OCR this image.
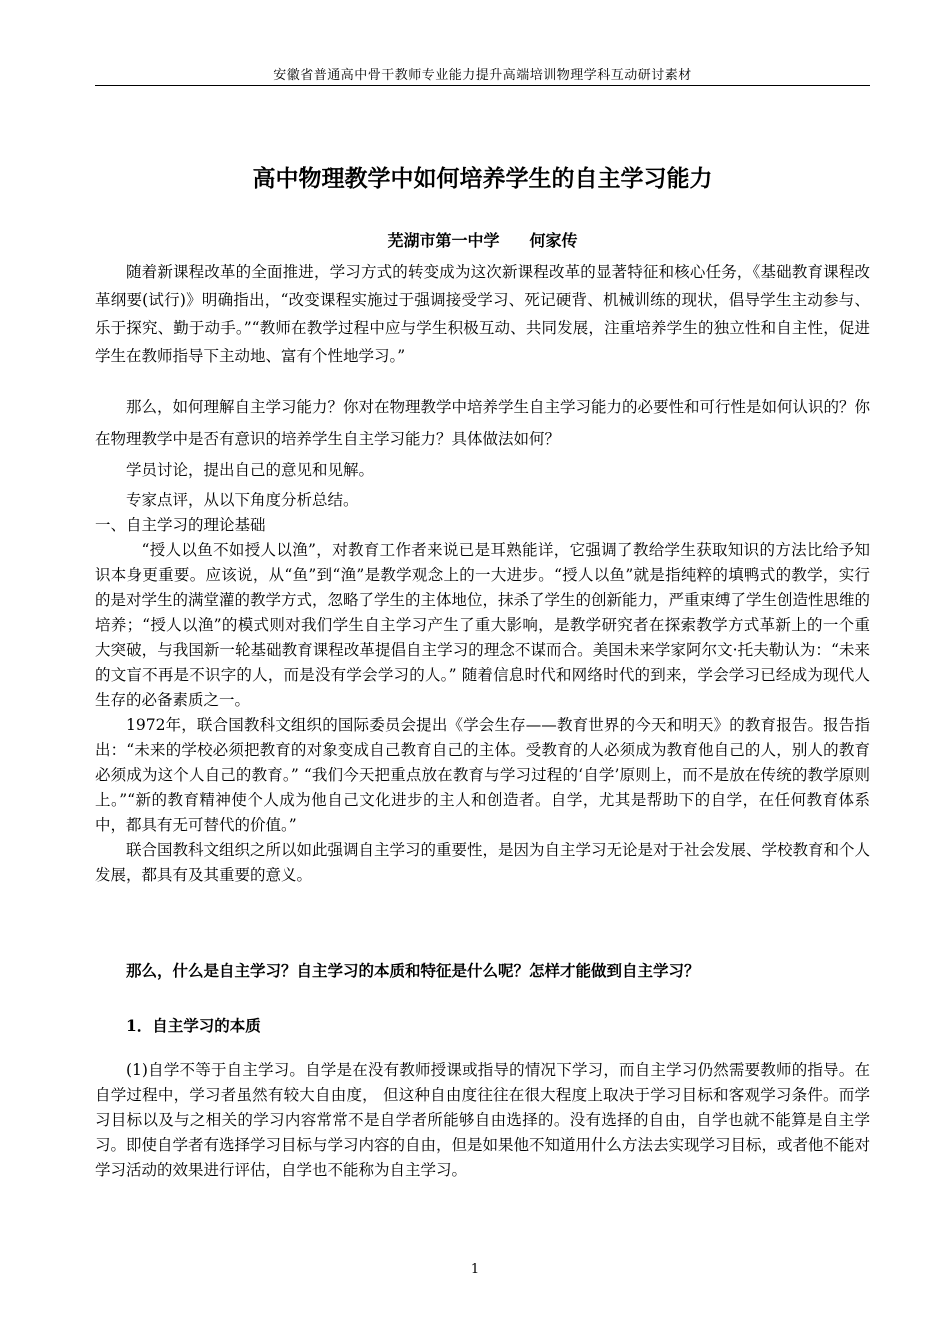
安徽省普通高中骨干教师专业能力提升高端培训物理学科互动研讨素材
高中物理教学中如何培养学生的自主学习能力
芜湖市第一中学 何家传

随着新课程改革的全面推进，学习方式的转变成为这次新课程改革的显著特征和核心任务，《基础教育课程改革纲要(试行)》明确指出，“改变课程实施过于强调接受学习、死记硬背、机械训练的现状，倡导学生主动参与、乐于探究、勤于动手。”“教师在教学过程中应与学生积极互动、共同发展，注重培养学生的独立性和自主性，促进学生在教师指导下主动地、富有个性地学习。”

那么，如何理解自主学习能力？你对在物理教学中培养学生自主学习能力的必要性和可行性是如何认识的？你在物理教学中是否有意识的培养学生自主学习能力？具体做法如何？

学员讨论，提出自己的意见和见解。

专家点评，从以下角度分析总结。

一、自主学习的理论基础

“授人以鱼不如授人以渔”，对教育工作者来说已是耳熟能详，它强调了教给学生获取知识的方法比给予知识本身更重要。应该说，从“鱼”到“渔”是教学观念上的一大进步。“授人以鱼”就是指纯粹的填鸭式的教学，实行的是对学生的满堂灌的教学方式，忽略了学生的主体地位，抹杀了学生的创新能力，严重束缚了学生创造性思维的培养；“授人以渔”的模式则对我们学生自主学习产生了重大影响，是教学研究者在探索教学方式革新上的一个重大突破，与我国新一轮基础教育课程改革提倡自主学习的理念不谋而合。美国未来学家阿尔文·托夫勒认为：“未来的文盲不再是不识字的人，而是没有学会学习的人。” 随着信息时代和网络时代的到来，学会学习已经成为现代人生存的必备素质之一。

1972年，联合国教科文组织的国际委员会提出《学会生存——教育世界的今天和明天》的教育报告。报告指出：“未来的学校必须把教育的对象变成自己教育自己的主体。受教育的人必须成为教育他自己的人，别人的教育必须成为这个人自己的教育。” “我们今天把重点放在教育与学习过程的‘自学’原则上，而不是放在传统的教学原则上。”“新的教育精神使个人成为他自己文化进步的主人和创造者。自学，尤其是帮助下的自学，在任何教育体系中，都具有无可替代的价值。”

联合国教科文组织之所以如此强调自主学习的重要性，是因为自主学习无论是对于社会发展、学校教育和个人发展，都具有及其重要的意义。

那么，什么是自主学习？自主学习的本质和特征是什么呢？怎样才能做到自主学习？

1．自主学习的本质

(1)自学不等于自主学习。自学是在没有教师授课或指导的情况下学习，而自主学习仍然需要教师的指导。在自学过程中，学习者虽然有较大自由度， 但这种自由度往往在很大程度上取决于学习目标和客观学习条件。而学习目标以及与之相关的学习内容常常不是自学者所能够自由选择的。没有选择的自由，自学也就不能算是自主学习。即使自学者有选择学习目标与学习内容的自由，但是如果他不知道用什么方法去实现学习目标，或者他不能对学习活动的效果进行评估，自学也不能称为自主学习。

1
